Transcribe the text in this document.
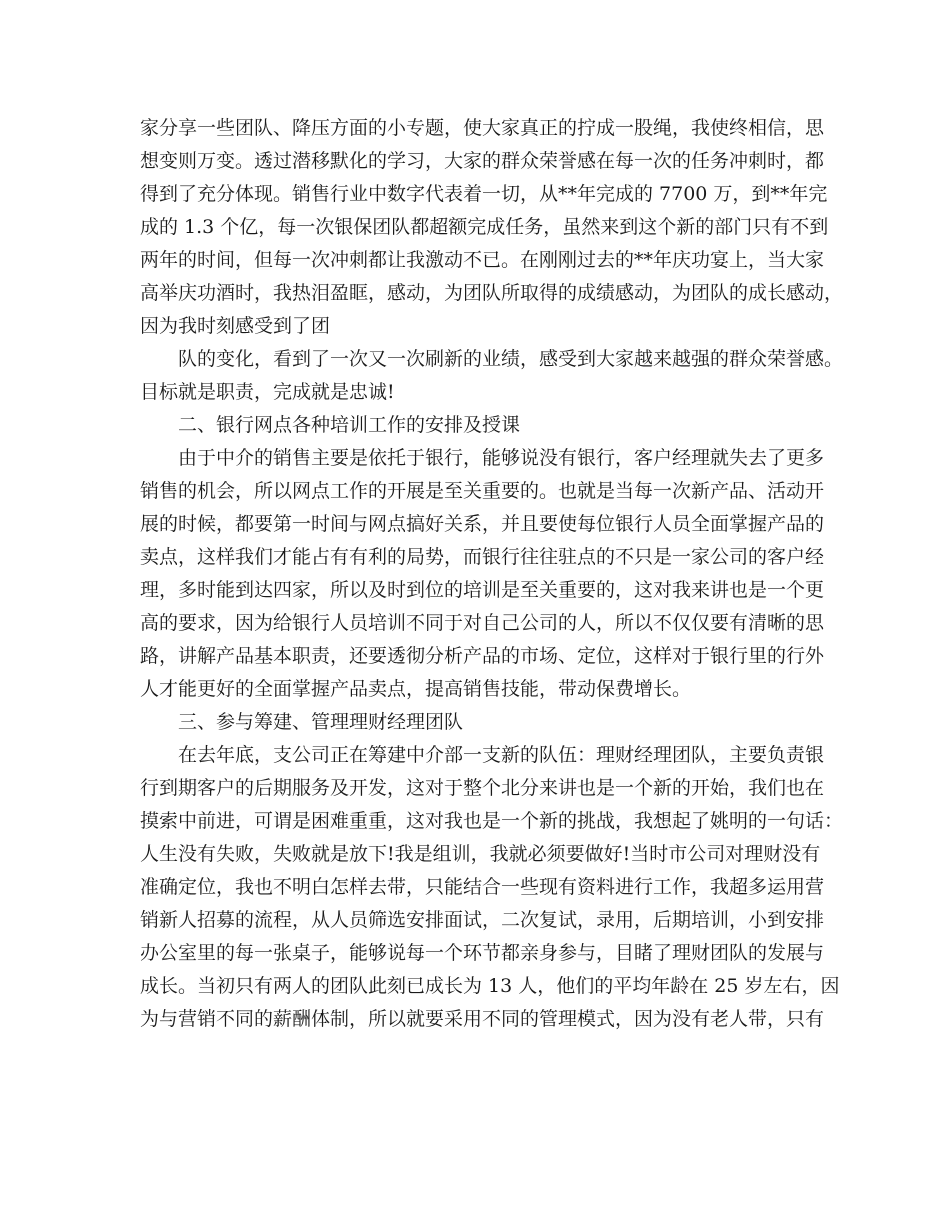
家分享一些团队、降压方面的小专题，使大家真正的拧成一股绳，我使终相信，思
想变则万变。透过潜移默化的学习，大家的群众荣誉感在每一次的任务冲刺时，都
得到了充分体现。销售行业中数字代表着一切，从**年完成的 7700 万，到**年完
成的 1.3 个亿，每一次银保团队都超额完成任务，虽然来到这个新的部门只有不到
两年的时间，但每一次冲刺都让我激动不已。在刚刚过去的**年庆功宴上，当大家
高举庆功酒时，我热泪盈眶，感动，为团队所取得的成绩感动，为团队的成长感动，
因为我时刻感受到了团
队的变化，看到了一次又一次刷新的业绩，感受到大家越来越强的群众荣誉感。
目标就是职责，完成就是忠诚!
二、银行网点各种培训工作的安排及授课
由于中介的销售主要是依托于银行，能够说没有银行，客户经理就失去了更多
销售的机会，所以网点工作的开展是至关重要的。也就是当每一次新产品、活动开
展的时候，都要第一时间与网点搞好关系，并且要使每位银行人员全面掌握产品的
卖点，这样我们才能占有有利的局势，而银行往往驻点的不只是一家公司的客户经
理，多时能到达四家，所以及时到位的培训是至关重要的，这对我来讲也是一个更
高的要求，因为给银行人员培训不同于对自己公司的人，所以不仅仅要有清晰的思
路，讲解产品基本职责，还要透彻分析产品的市场、定位，这样对于银行里的行外
人才能更好的全面掌握产品卖点，提高销售技能，带动保费增长。
三、参与筹建、管理理财经理团队
在去年底，支公司正在筹建中介部一支新的队伍：理财经理团队，主要负责银
行到期客户的后期服务及开发，这对于整个北分来讲也是一个新的开始，我们也在
摸索中前进，可谓是困难重重，这对我也是一个新的挑战，我想起了姚明的一句话：
人生没有失败，失败就是放下!我是组训，我就必须要做好!当时市公司对理财没有
准确定位，我也不明白怎样去带，只能结合一些现有资料进行工作，我超多运用营
销新人招募的流程，从人员筛选安排面试，二次复试，录用，后期培训，小到安排
办公室里的每一张桌子，能够说每一个环节都亲身参与，目睹了理财团队的发展与
成长。当初只有两人的团队此刻已成长为 13 人，他们的平均年龄在 25 岁左右，因
为与营销不同的薪酬体制，所以就要采用不同的管理模式，因为没有老人带，只有
